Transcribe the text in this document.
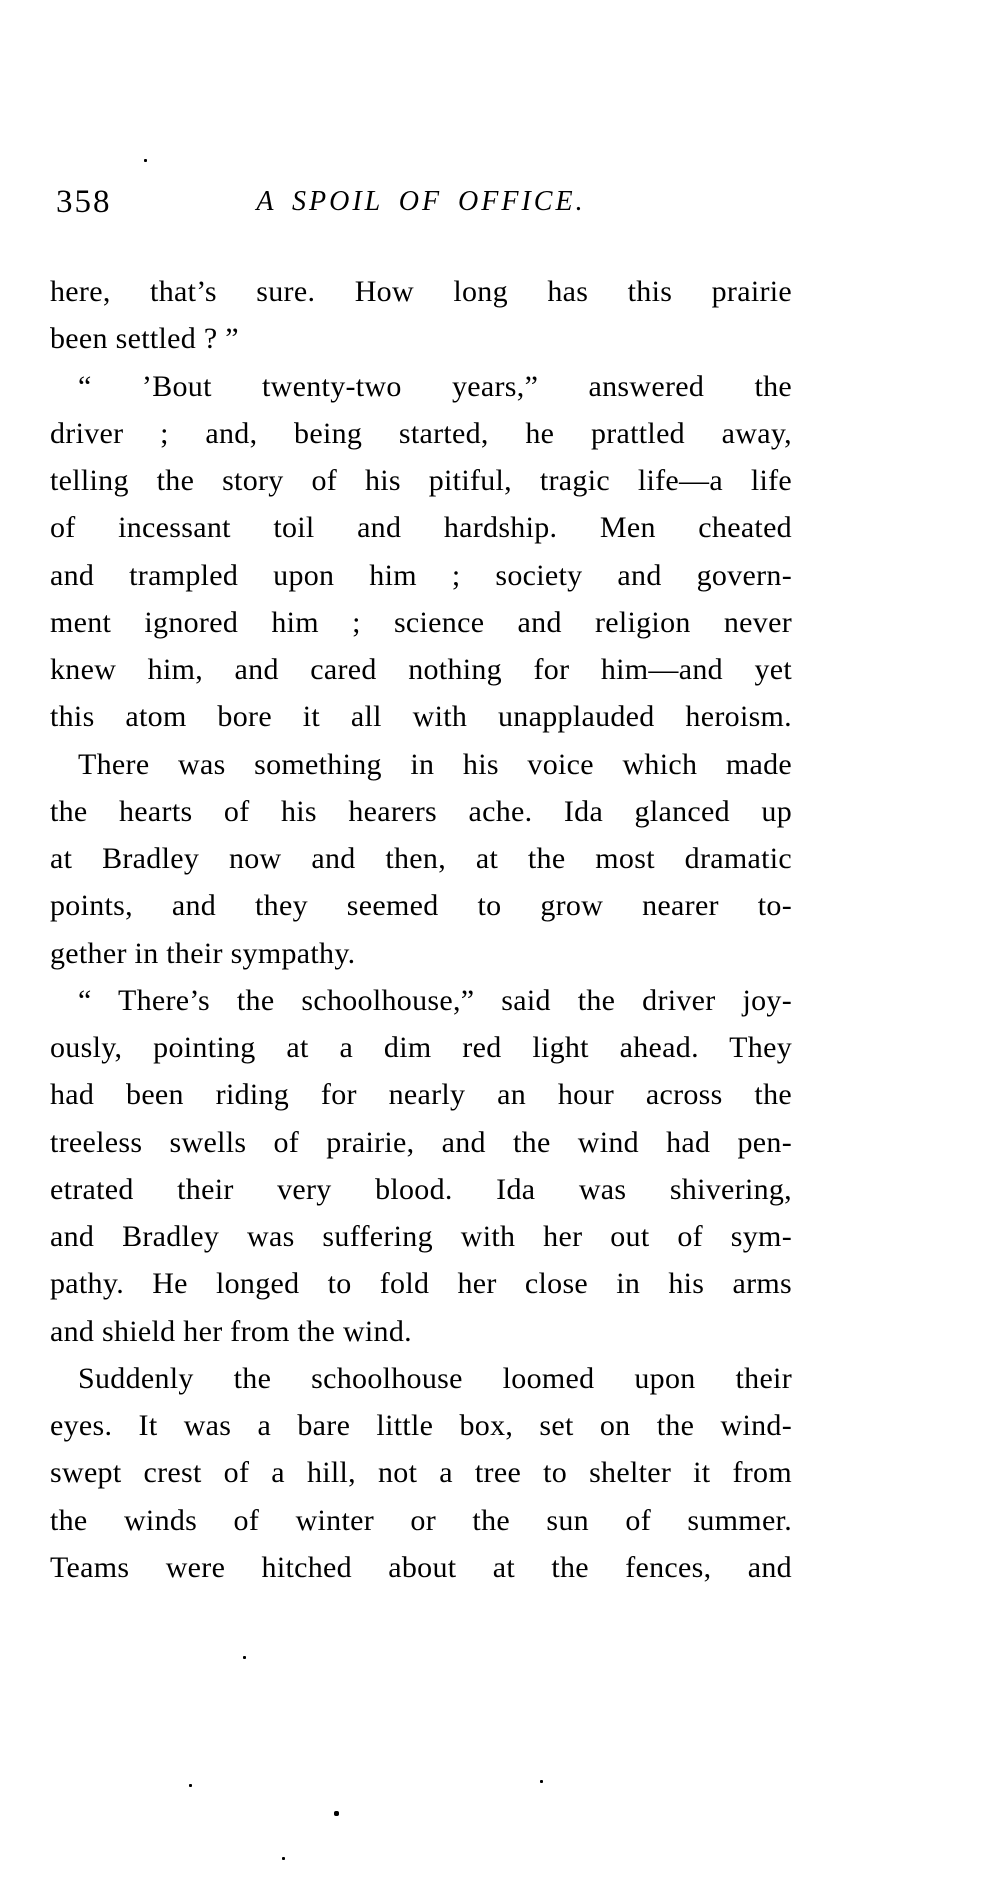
358	A SPOIL OF OFFICE.
here, that’s sure. How long has this prairie
been settled ? ”
“ ’Bout twenty-two years,” answered the
driver ; and, being started, he prattled away,
telling the story of his pitiful, tragic life—a life
of incessant toil and hardship. Men cheated
and trampled upon him ; society and govern-
ment ignored him ; science and religion never
knew him, and cared nothing for him—and yet
this atom bore it all with unapplauded heroism.
There was something in his voice which made
the hearts of his hearers ache. Ida glanced up
at Bradley now and then, at the most dramatic
points, and they seemed to grow nearer to-
gether in their sympathy.
“ There’s the schoolhouse,” said the driver joy-
ously, pointing at a dim red light ahead. They
had been riding for nearly an hour across the
treeless swells of prairie, and the wind had pen-
etrated their very blood. Ida was shivering,
and Bradley was suffering with her out of sym-
pathy. He longed to fold her close in his arms
and shield her from the wind.
Suddenly the schoolhouse loomed upon their
eyes. It was a bare little box, set on the wind-
swept crest of a hill, not a tree to shelter it from
the winds of winter or the sun of summer.
Teams were hitched about at the fences, and
